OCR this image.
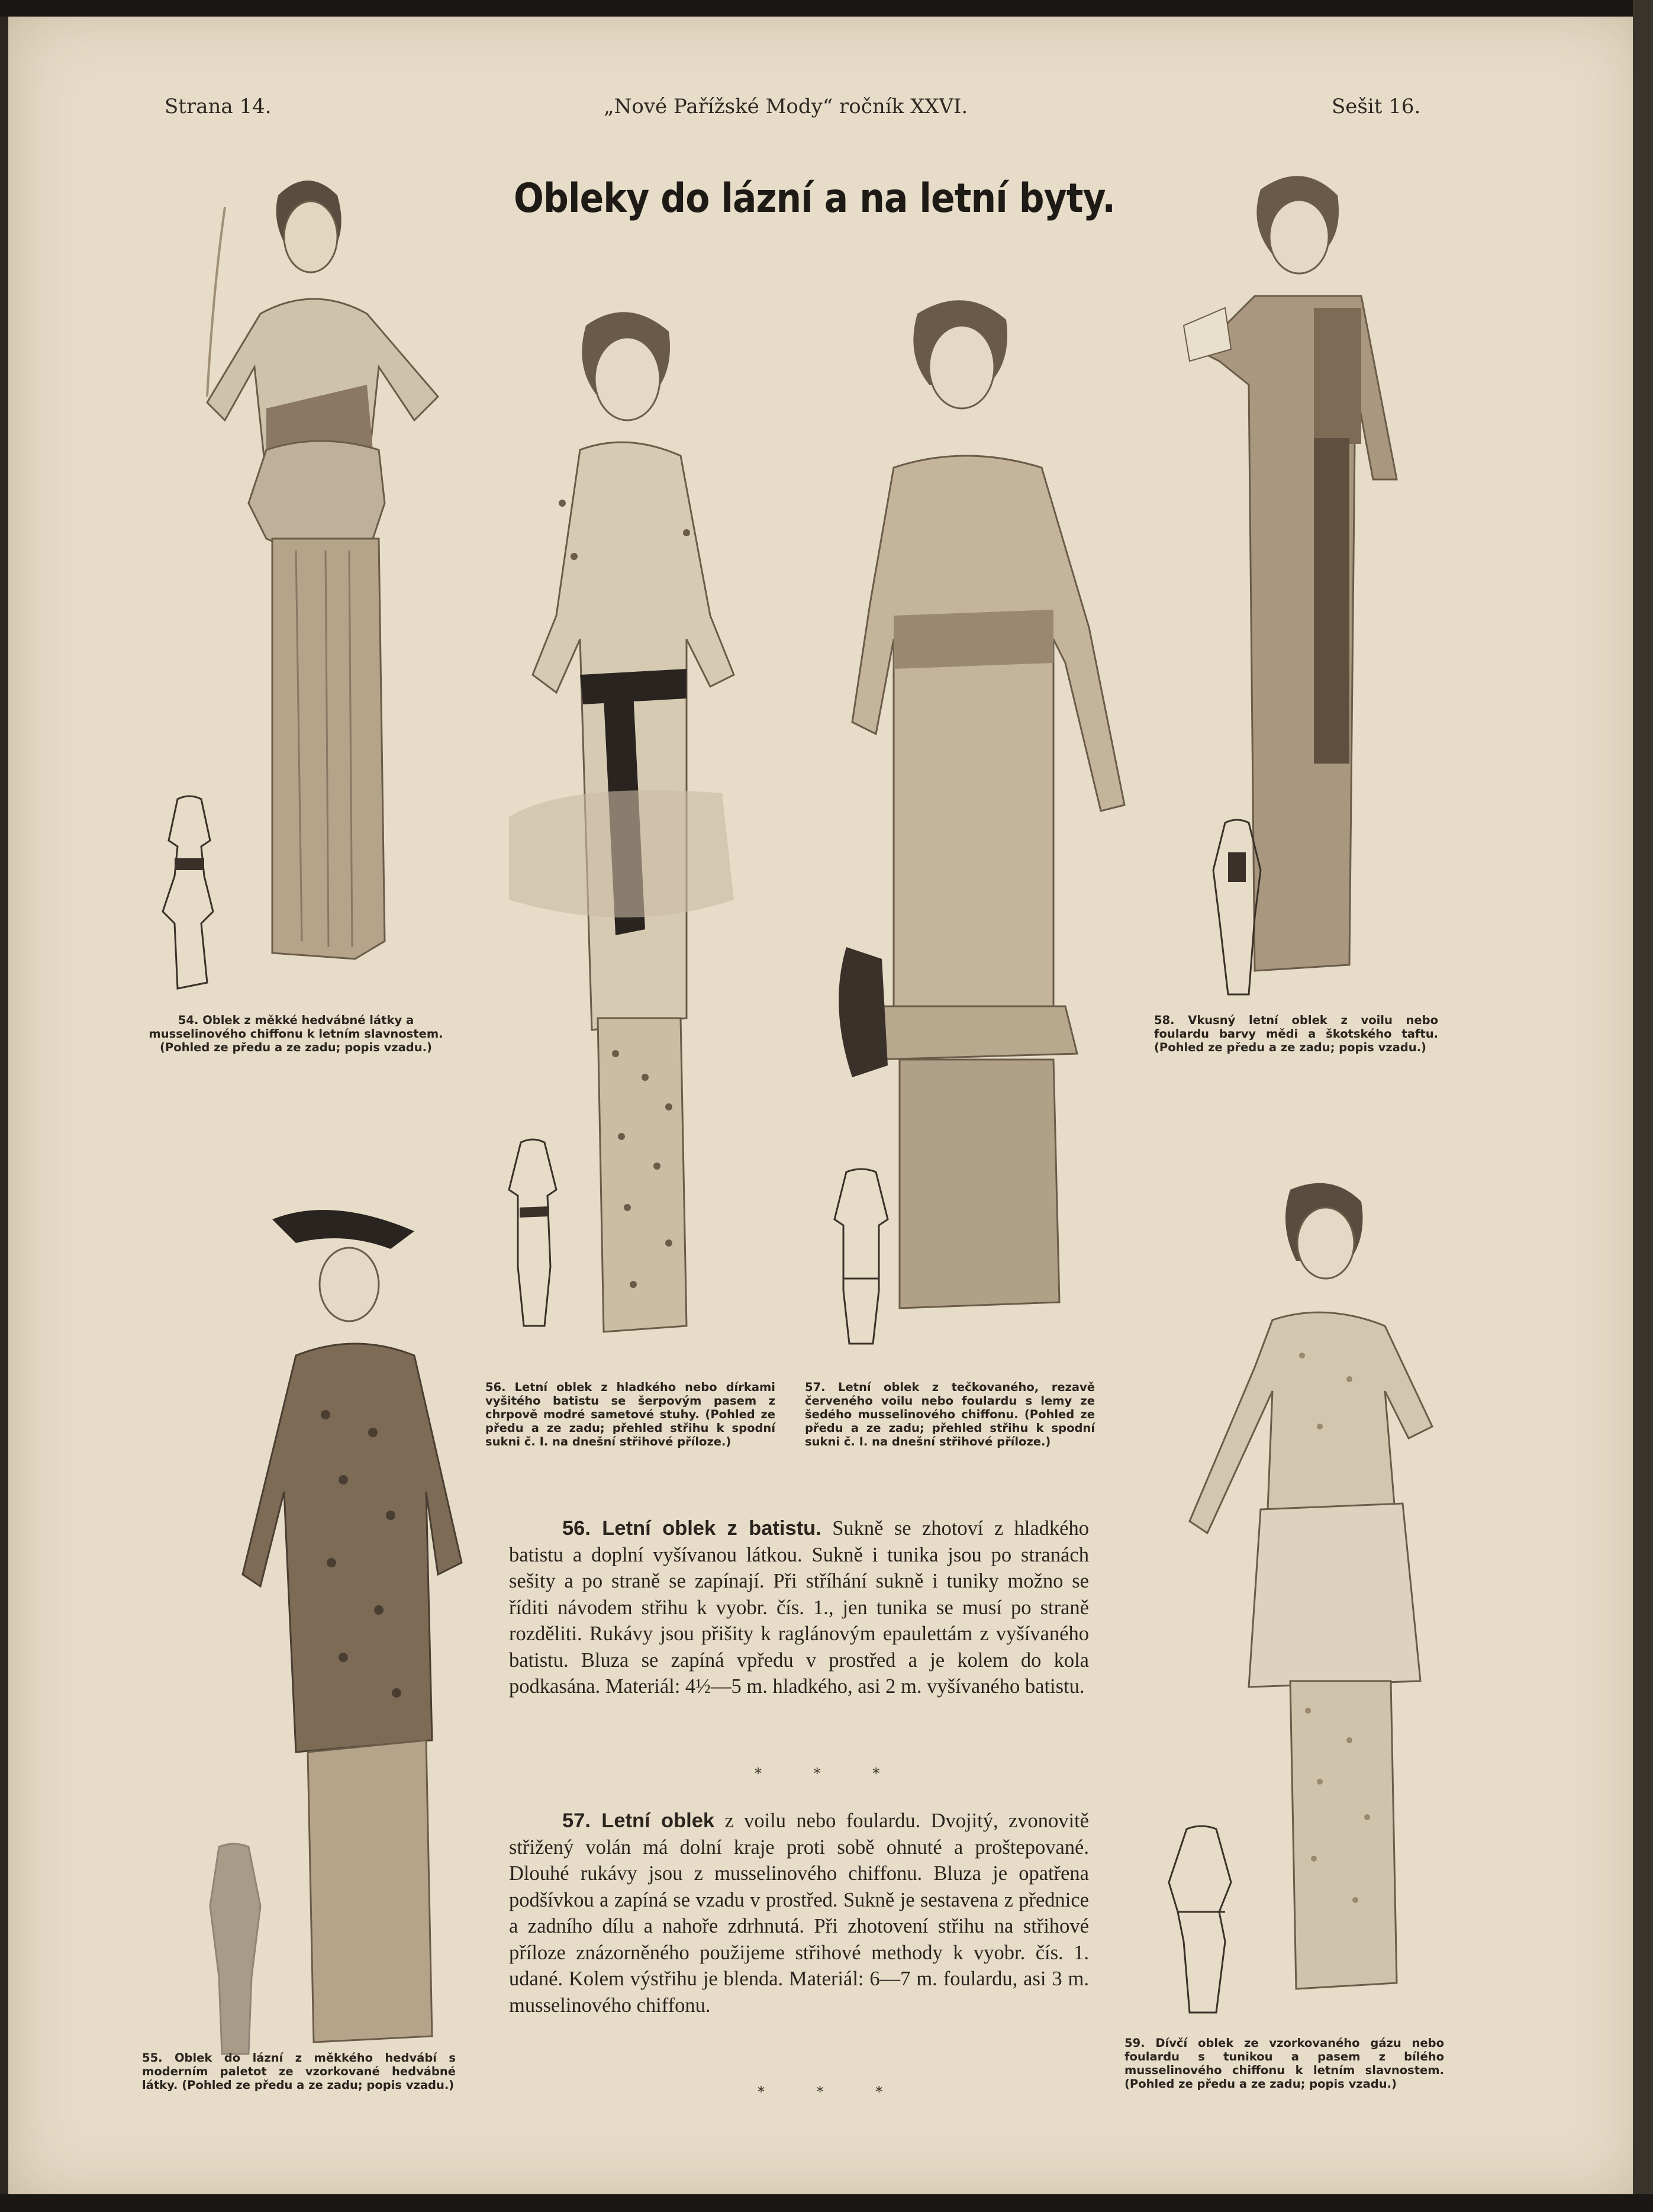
Strana 14.	„Nové Pařížské Mody“ ročník XXVI.	Sešit 16.
Obleky do lázní a na letní byty.
54. Oblek z měkké hedvábné látky a musselinového chiffonu k letním slavnostem. (Pohled ze předu a ze zadu; popis vzadu.)
56. Letní oblek z hladkého nebo dírkami vyšitého batistu se šerpovým pasem z chrpově modré sametové stuhy. (Pohled ze předu a ze zadu; přehled střihu k spodní sukni č. I. na dnešní střihové příloze.)
57. Letní oblek z tečkovaného, rezavě červeného voilu nebo foulardu s lemy ze šedého musselinového chiffonu. (Pohled ze předu a ze zadu; přehled střihu k spodní sukni č. I. na dnešní střihové příloze.)
58. Vkusný letní oblek z voilu nebo foulardu barvy mědi a škotského taftu. (Pohled ze předu a ze zadu; popis vzadu.)
55. Oblek do lázní z měkkého hedvábí s moderním paletot ze vzorkované hedvábné látky. (Pohled ze předu a ze zadu; popis vzadu.)
59. Dívčí oblek ze vzorkovaného gázu nebo foulardu s tunikou a pasem z bílého musselinového chiffonu k letním slavnostem. (Pohled ze předu a ze zadu; popis vzadu.)

56. Letní oblek z batistu. Sukně se zhotoví z hladkého batistu a doplní vyšívanou látkou. Sukně i tunika jsou po stranách sešity a po straně se zapínají. Při stříhání sukně i tuniky možno se říditi návodem střihu k vyobr. čís. 1., jen tunika se musí po straně rozděliti. Rukávy jsou přišity k raglánovým epaulettám z vyšívaného batistu. Bluza se zapíná vpředu v prostřed a je kolem do kola podkasána. Materiál: 4½—5 m. hladkého, asi 2 m. vyšívaného batistu.

* * *

57. Letní oblek z voilu nebo foulardu. Dvojitý, zvonovitě střižený volán má dolní kraje proti sobě ohnuté a proštepované. Dlouhé rukávy jsou z musselinového chiffonu. Bluza je opatřena podšívkou a zapíná se vzadu v prostřed. Sukně je sestavena z přednice a zadního dílu a nahoře zdrhnutá. Při zhotovení střihu na střihové příloze znázorněného použijeme střihové methody k vyobr. čís. 1. udané. Kolem výstřihu je blenda. Materiál: 6—7 m. foulardu, asi 3 m. musselinového chiffonu.

* * *
